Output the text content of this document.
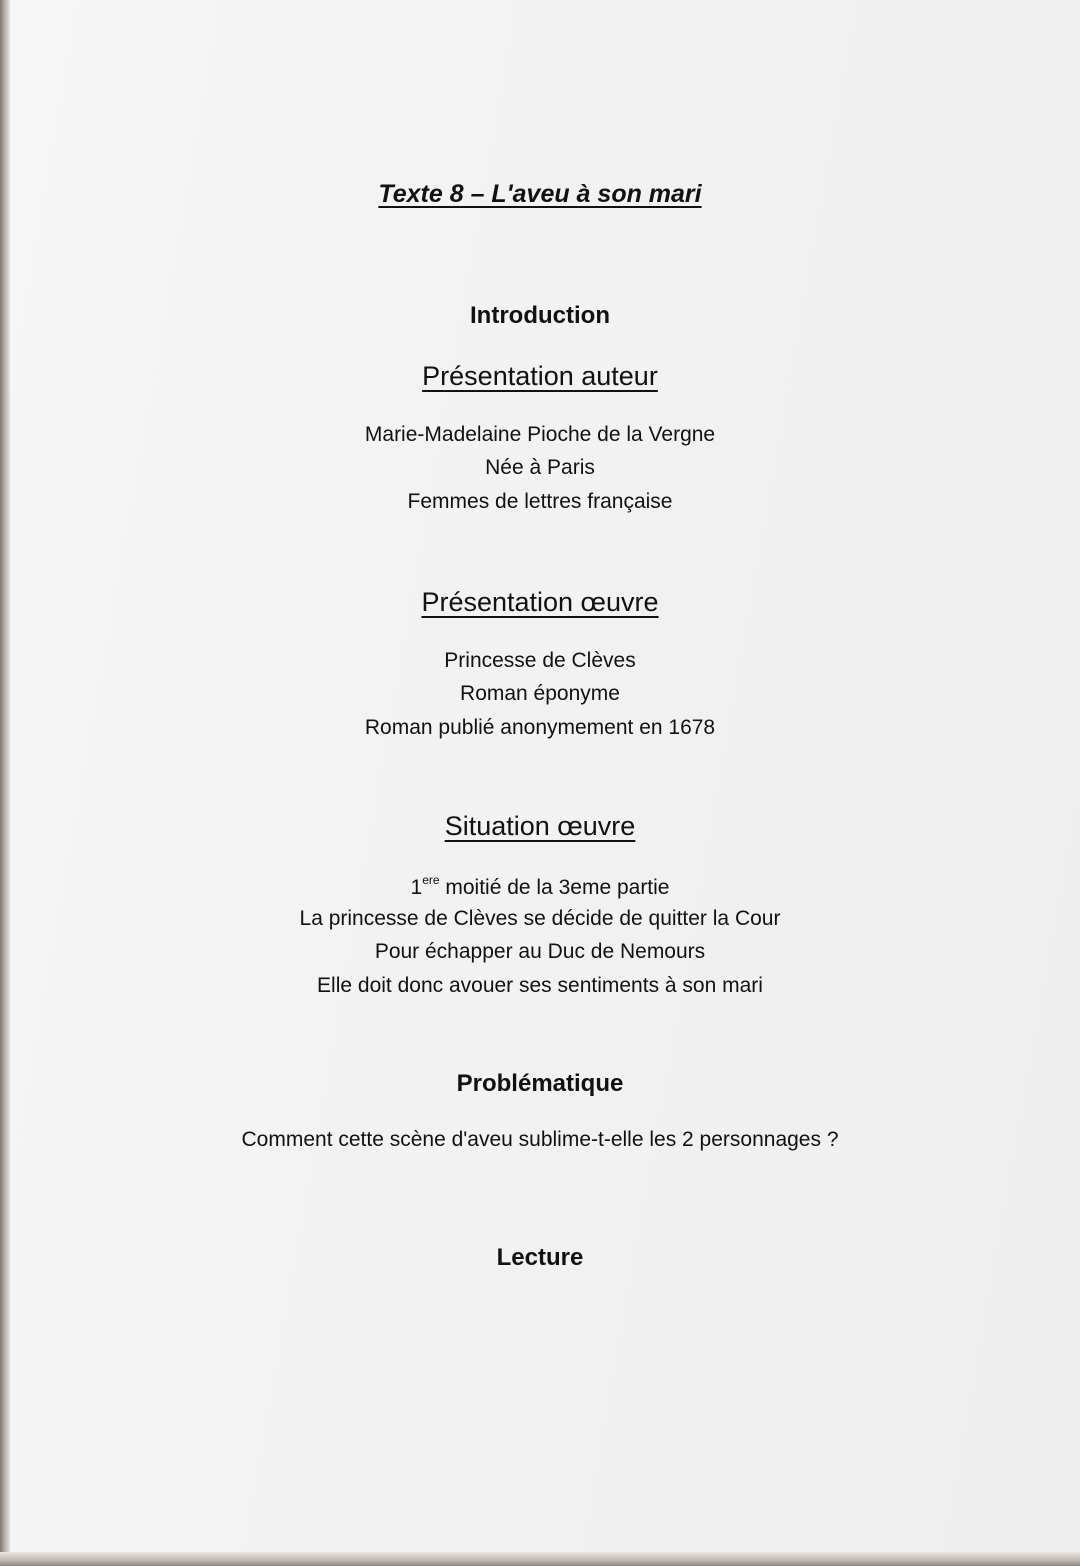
Texte 8 – L'aveu à son mari
Introduction
Présentation auteur
Marie-Madelaine Pioche de la Vergne
Née à Paris
Femmes de lettres française
Présentation œuvre
Princesse de Clèves
Roman éponyme
Roman publié anonymement en 1678
Situation œuvre
1ere moitié de la 3eme partie
La princesse de Clèves se décide de quitter la Cour
Pour échapper au Duc de Nemours
Elle doit donc avouer ses sentiments à son mari
Problématique
Comment cette scène d'aveu sublime-t-elle les 2 personnages ?
Lecture
